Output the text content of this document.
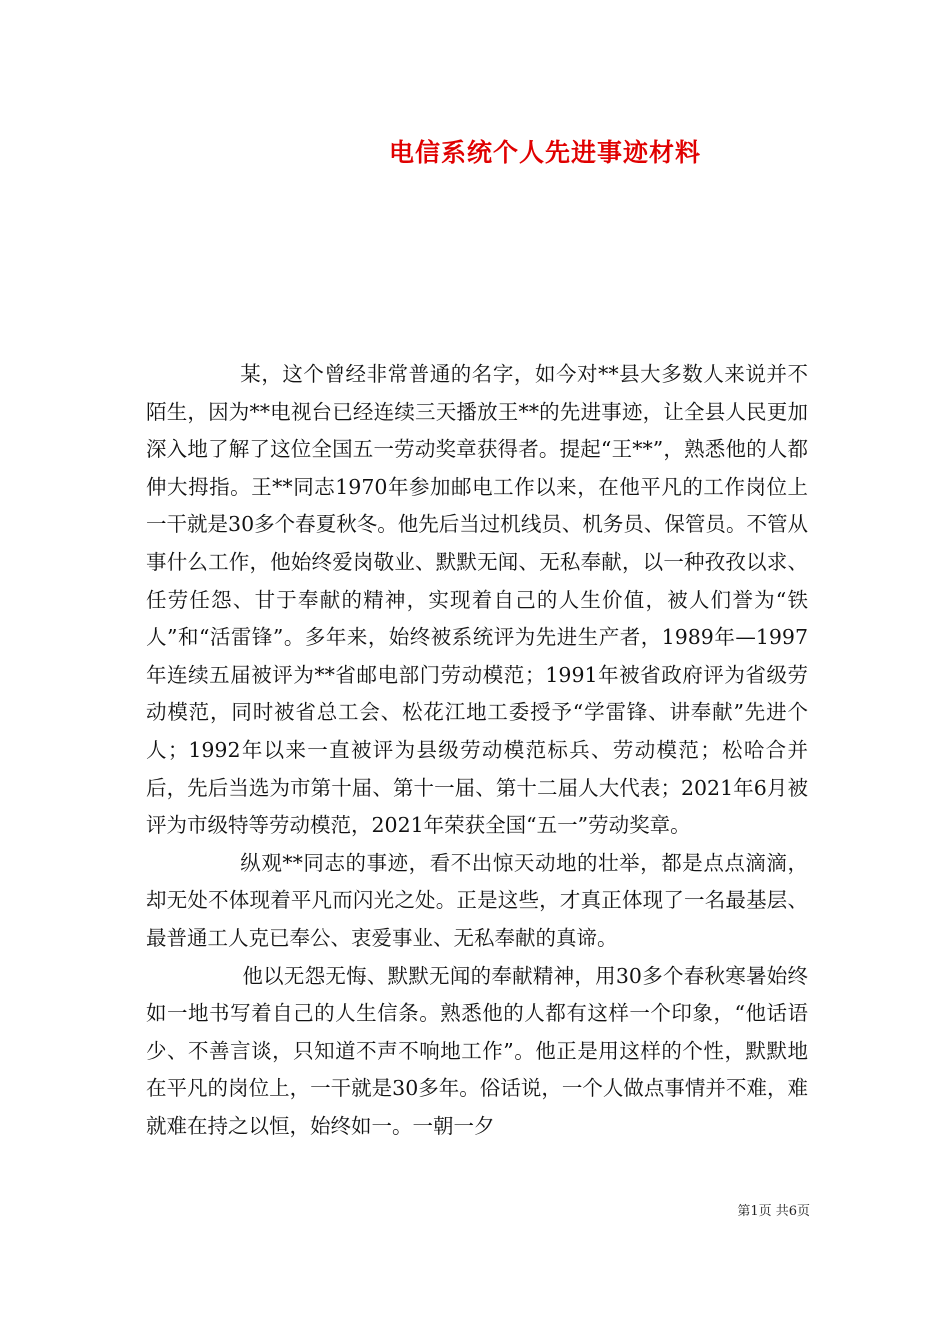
电信系统个人先进事迹材料

某，这个曾经非常普通的名字，如今对**县大多数人来说并不陌生，因为**电视台已经连续三天播放王**的先进事迹，让全县人民更加深入地了解了这位全国五一劳动奖章获得者。提起“王**”，熟悉他的人都伸大拇指。王**同志1970年参加邮电工作以来，在他平凡的工作岗位上一干就是30多个春夏秋冬。他先后当过机线员、机务员、保管员。不管从事什么工作，他始终爱岗敬业、默默无闻、无私奉献，以一种孜孜以求、任劳任怨、甘于奉献的精神，实现着自己的人生价值，被人们誉为“铁人”和“活雷锋”。多年来，始终被系统评为先进生产者，1989年—1997年连续五届被评为**省邮电部门劳动模范；1991年被省政府评为省级劳动模范，同时被省总工会、松花江地工委授予“学雷锋、讲奉献”先进个人；1992年以来一直被评为县级劳动模范标兵、劳动模范；松哈合并后，先后当选为市第十届、第十一届、第十二届人大代表；2021年6月被评为市级特等劳动模范，2021年荣获全国“五一”劳动奖章。

纵观**同志的事迹，看不出惊天动地的壮举，都是点点滴滴，却无处不体现着平凡而闪光之处。正是这些，才真正体现了一名最基层、最普通工人克已奉公、衷爱事业、无私奉献的真谛。

他以无怨无悔、默默无闻的奉献精神，用30多个春秋寒暑始终如一地书写着自己的人生信条。熟悉他的人都有这样一个印象，“他话语少、不善言谈，只知道不声不响地工作”。他正是用这样的个性，默默地在平凡的岗位上，一干就是30多年。俗话说，一个人做点事情并不难，难就难在持之以恒，始终如一。一朝一夕

第1页 共6页
